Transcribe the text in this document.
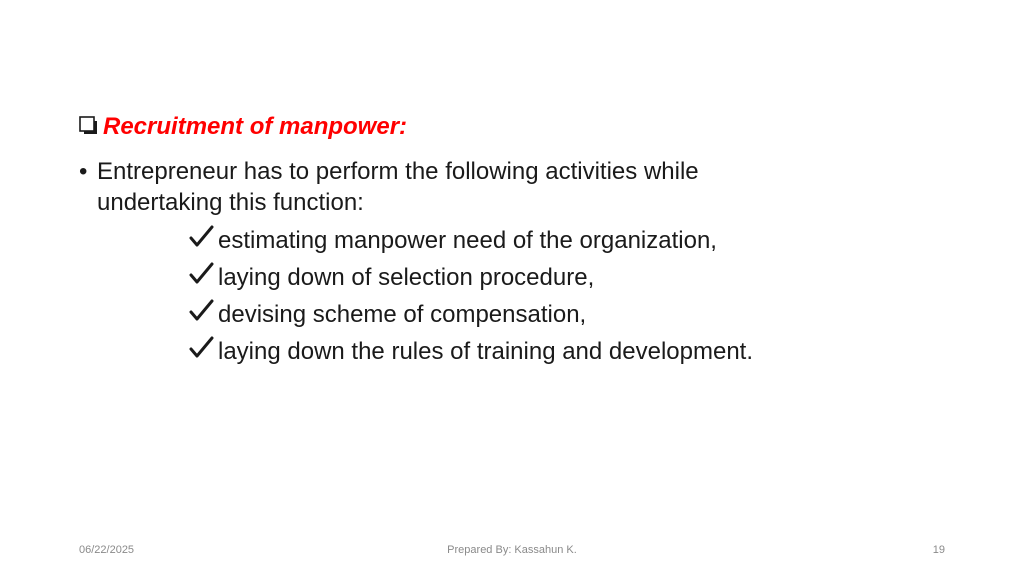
Recruitment of manpower:
• Entrepreneur has to perform the following activities while undertaking this function:
estimating manpower need of the organization,
laying down of selection procedure,
devising scheme of compensation,
laying down the rules of training and development.
06/22/2025	Prepared By: Kassahun K.	19
